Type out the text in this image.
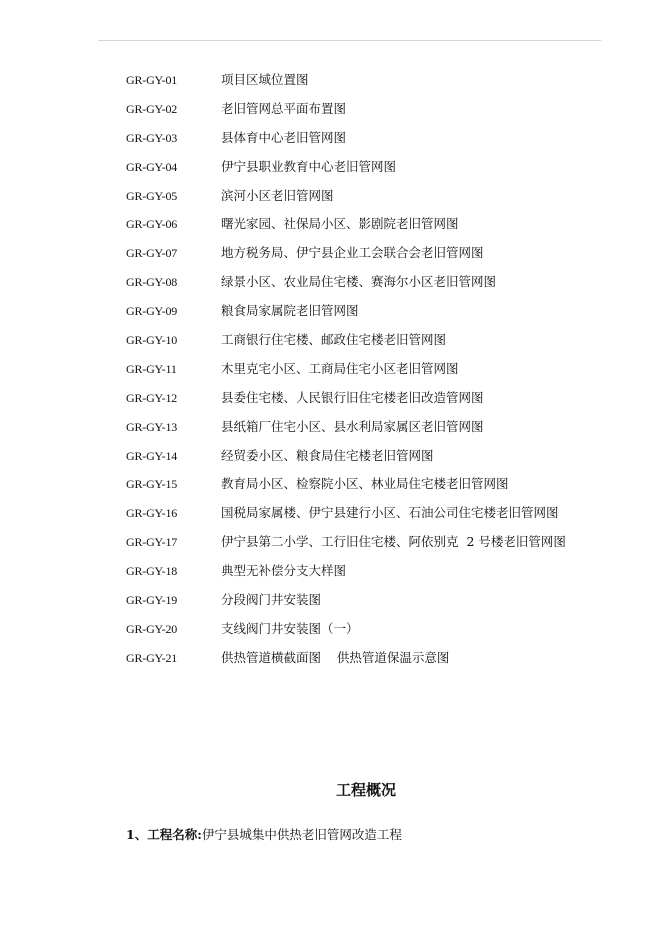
GR-GY-01	项目区域位置图
GR-GY-02	老旧管网总平面布置图
GR-GY-03	县体育中心老旧管网图
GR-GY-04	伊宁县职业教育中心老旧管网图
GR-GY-05	滨河小区老旧管网图
GR-GY-06	曙光家园、社保局小区、影剧院老旧管网图
GR-GY-07	地方税务局、伊宁县企业工会联合会老旧管网图
GR-GY-08	绿景小区、农业局住宅楼、赛海尔小区老旧管网图
GR-GY-09	粮食局家属院老旧管网图
GR-GY-10	工商银行住宅楼、邮政住宅楼老旧管网图
GR-GY-11	木里克宅小区、工商局住宅小区老旧管网图
GR-GY-12	县委住宅楼、人民银行旧住宅楼老旧改造管网图
GR-GY-13	县纸箱厂住宅小区、县水利局家属区老旧管网图
GR-GY-14	经贸委小区、粮食局住宅楼老旧管网图
GR-GY-15	教育局小区、检察院小区、林业局住宅楼老旧管网图
GR-GY-16	国税局家属楼、伊宁县建行小区、石油公司住宅楼老旧管网图
GR-GY-17	伊宁县第二小学、工行旧住宅楼、阿依别克  2 号楼老旧管网图
GR-GY-18	典型无补偿分支大样图
GR-GY-19	分段阀门井安装图
GR-GY-20	支线阀门井安装图（一）
GR-GY-21	供热管道横截面图    供热管道保温示意图
工程概况
1、工程名称:伊宁县城集中供热老旧管网改造工程
